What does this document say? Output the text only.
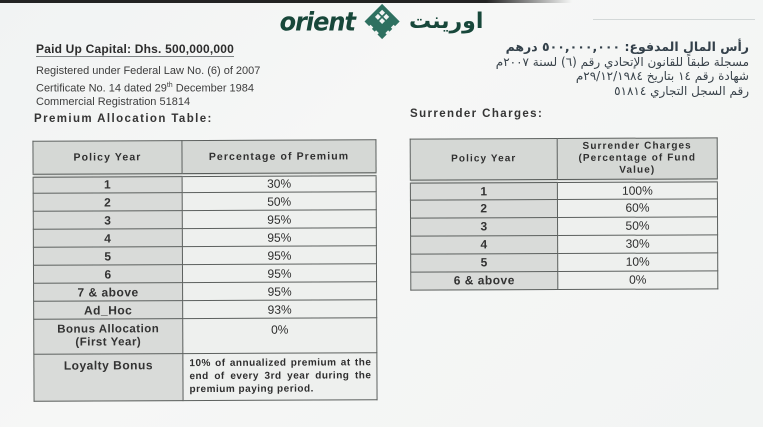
orient اورينت
Paid Up Capital: Dhs. 500,000,000
Registered under Federal Law No. (6) of 2007
Certificate No. 14 dated 29th December 1984
Commercial Registration 51814
رأس المال المدفوع: ٥٠٠,٠٠٠,٠٠٠ درهم
مسجلة طبقاً للقانون الإتحادي رقم (٦) لسنة ٢٠٠٧م
شهادة رقم ١٤ بتاريخ ٢٩/١٢/١٩٨٤م
رقم السجل التجاري ٥١٨١٤
Premium Allocation Table:
Policy Year	Percentage of Premium
1	30%
2	50%
3	95%
4	95%
5	95%
6	95%
7 & above	95%
Ad_Hoc	93%
Bonus Allocation (First Year)	0%
Loyalty Bonus	10% of annualized premium at the end of every 3rd year during the premium paying period.
Surrender Charges:
Policy Year	Surrender Charges (Percentage of Fund Value)
1	100%
2	60%
3	50%
4	30%
5	10%
6 & above	0%
